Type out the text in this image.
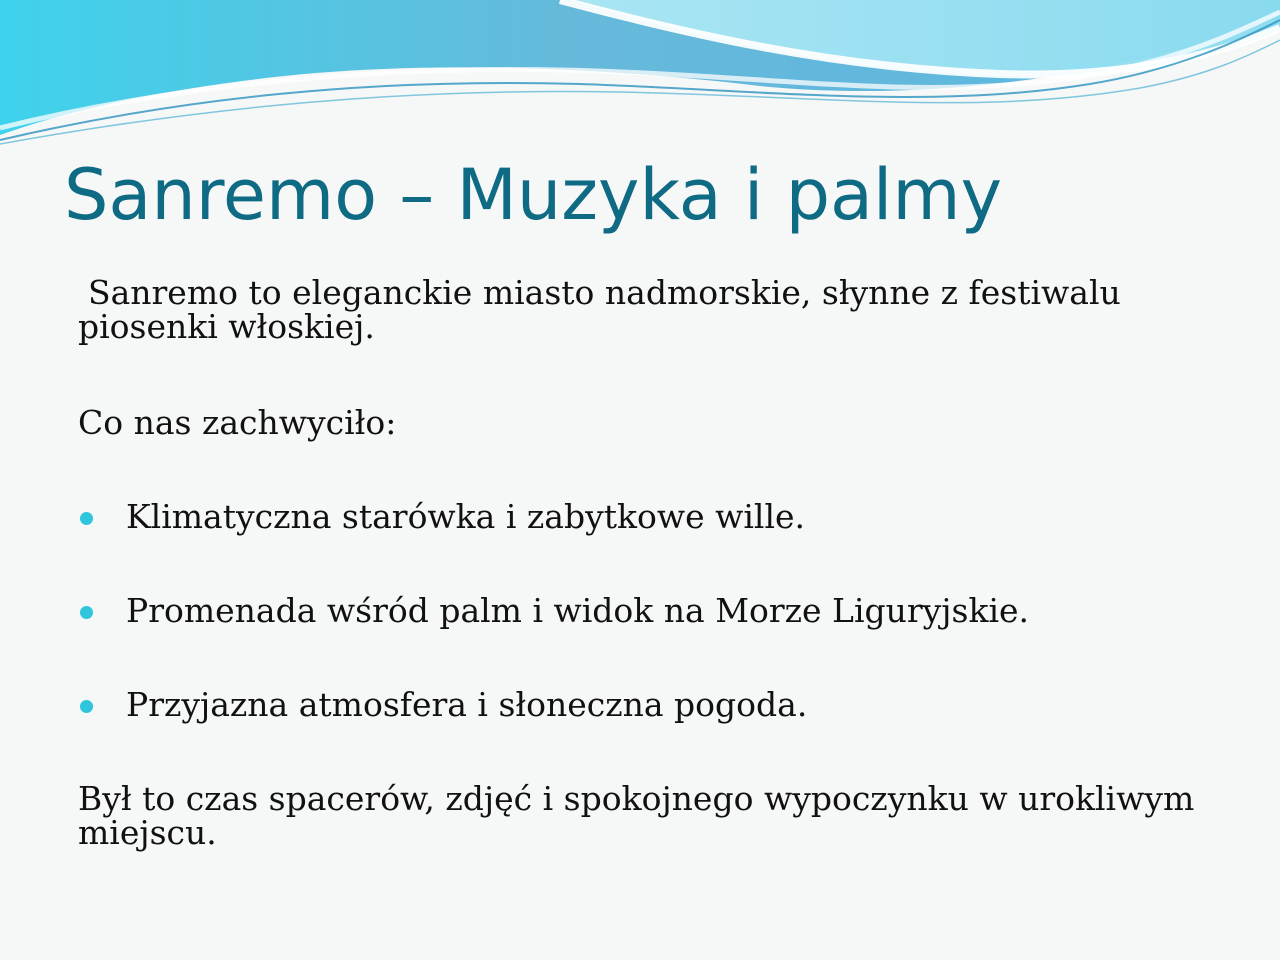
Sanremo – Muzyka i palmy

Sanremo to eleganckie miasto nadmorskie, słynne z festiwalu piosenki włoskiej.

Co nas zachwyciło:

Klimatyczna starówka i zabytkowe wille.
Promenada wśród palm i widok na Morze Liguryjskie.
Przyjazna atmosfera i słoneczna pogoda.

Był to czas spacerów, zdjęć i spokojnego wypoczynku w urokliwym miejscu.
